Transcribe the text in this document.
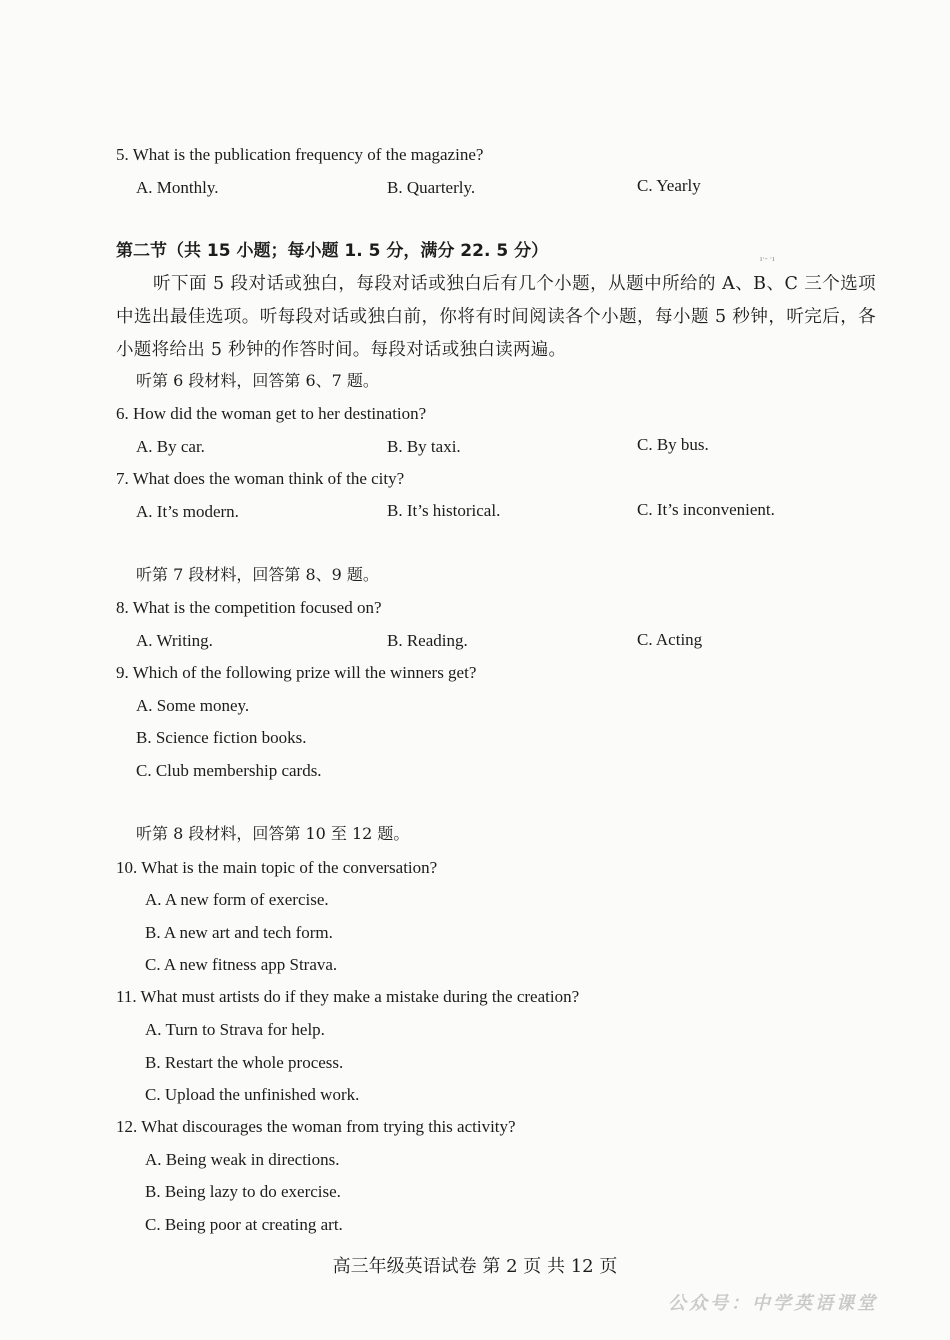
5. What is the publication frequency of the magazine?
A. Monthly.	B. Quarterly.	C. Yearly
第二节（共 15 小题；每小题 1. 5 分，满分 22. 5 分）	ı·- ·ı
听下面 5 段对话或独白，每段对话或独白后有几个小题，从题中所给的 A、B、C 三个选项中选出最佳选项。听每段对话或独白前，你将有时间阅读各个小题，每小题 5 秒钟，听完后，各小题将给出 5 秒钟的作答时间。每段对话或独白读两遍。
听第 6 段材料，回答第 6、7 题。
6. How did the woman get to her destination?
A. By car.	B. By taxi.	C. By bus.
7. What does the woman think of the city?
A. It’s modern.	B. It’s historical.	C. It’s inconvenient.
听第 7 段材料，回答第 8、9 题。
8. What is the competition focused on?
A. Writing.	B. Reading.	C. Acting
9. Which of the following prize will the winners get?
A. Some money.
B. Science fiction books.
C. Club membership cards.
听第 8 段材料，回答第 10 至 12 题。
10. What is the main topic of the conversation?
A. A new form of exercise.
B. A new art and tech form.
C. A new fitness app Strava.
11. What must artists do if they make a mistake during the creation?
A. Turn to Strava for help.
B. Restart the whole process.
C. Upload the unfinished work.
12. What discourages the woman from trying this activity?
A. Being weak in directions.
B. Being lazy to do exercise.
C. Being poor at creating art.
高三年级英语试卷 第 2 页 共 12 页
公众号：中学英语课堂
